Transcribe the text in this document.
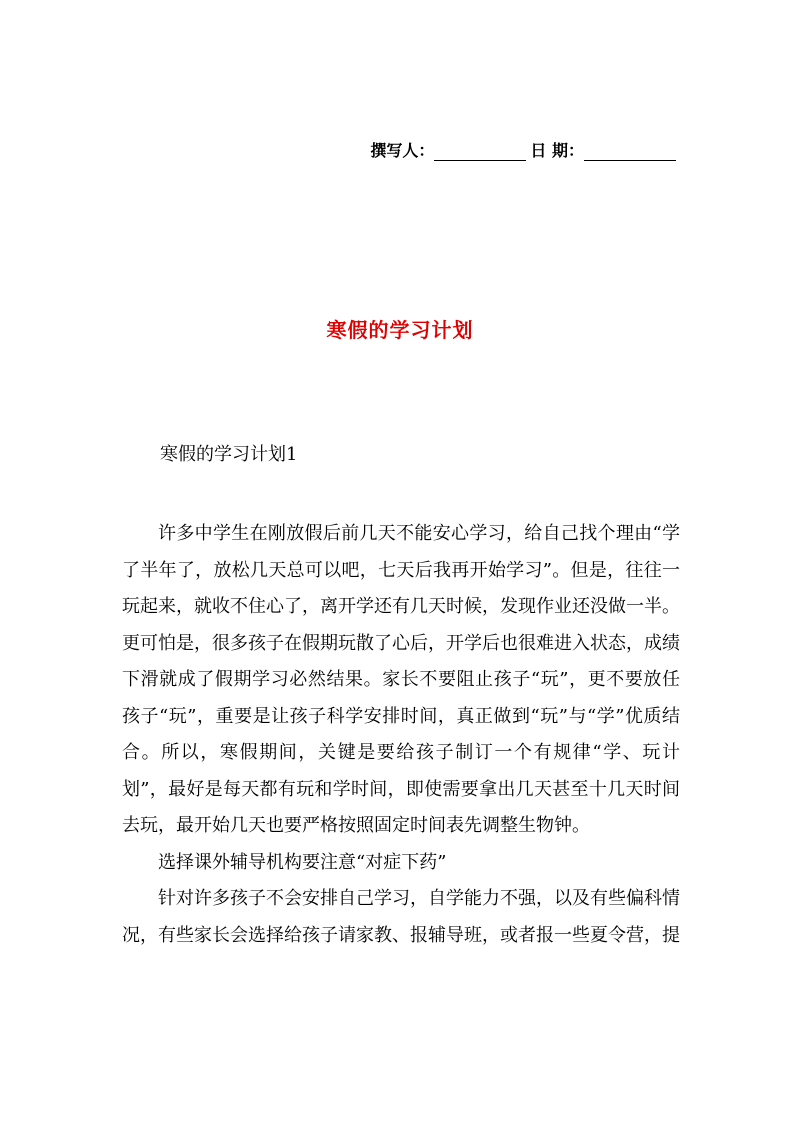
撰写人：	日 期：
寒假的学习计划
寒假的学习计划1

许多中学生在刚放假后前几天不能安心学习，给自己找个理由“学了半年了，放松几天总可以吧，七天后我再开始学习”。但是，往往一玩起来，就收不住心了，离开学还有几天时候，发现作业还没做一半。更可怕是，很多孩子在假期玩散了心后，开学后也很难进入状态，成绩下滑就成了假期学习必然结果。家长不要阻止孩子“玩”，更不要放任孩子“玩”，重要是让孩子科学安排时间，真正做到“玩”与“学”优质结合。所以，寒假期间，关键是要给孩子制订一个有规律“学、玩计划”，最好是每天都有玩和学时间，即使需要拿出几天甚至十几天时间去玩，最开始几天也要严格按照固定时间表先调整生物钟。

选择课外辅导机构要注意“对症下药”

针对许多孩子不会安排自己学习，自学能力不强，以及有些偏科情况，有些家长会选择给孩子请家教、报辅导班，或者报一些夏令营，提
